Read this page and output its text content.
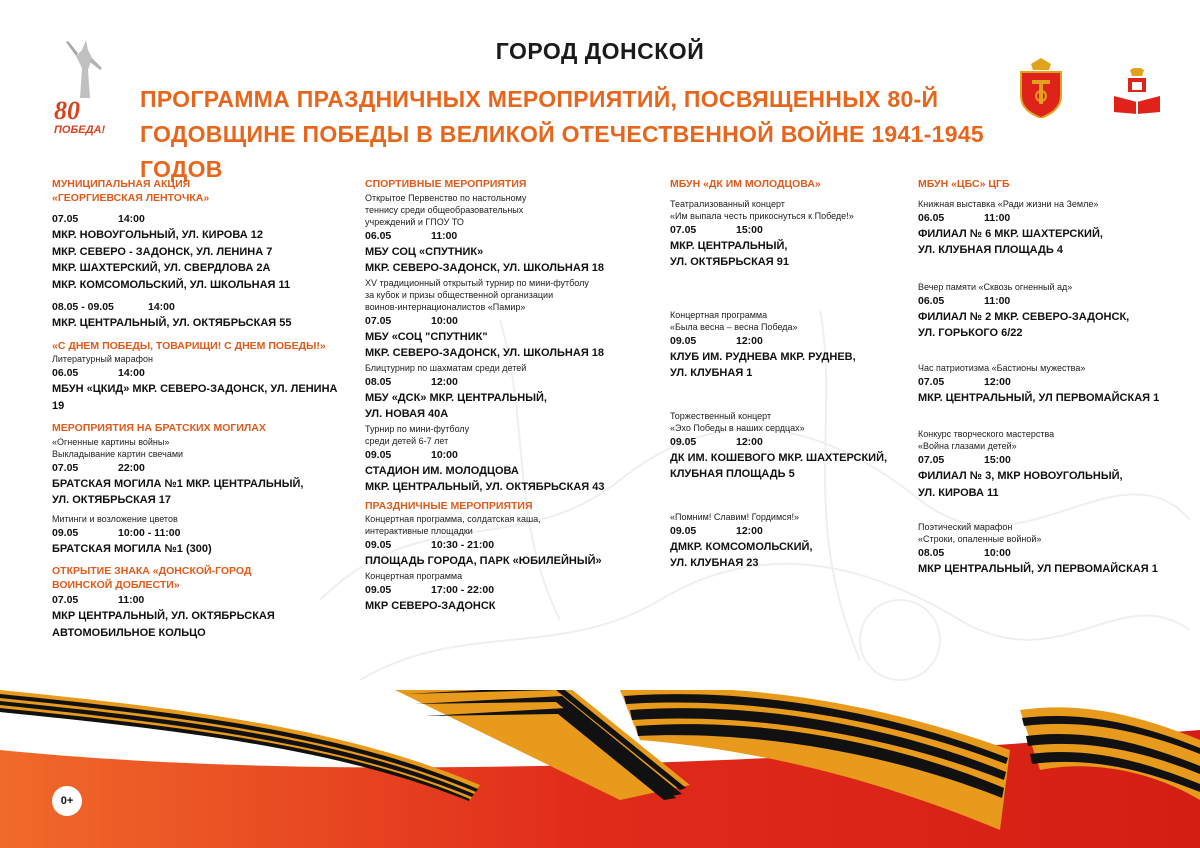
80
ПОБЕДА!
ГОРОД ДОНСКОЙ
ПРОГРАММА ПРАЗДНИЧНЫХ МЕРОПРИЯТИЙ, ПОСВЯЩЕННЫХ 80-Й
ГОДОВЩИНЕ ПОБЕДЫ В ВЕЛИКОЙ ОТЕЧЕСТВЕННОЙ ВОЙНЕ 1941-1945 ГОДОВ
МУНИЦИПАЛЬНАЯ АКЦИЯ
«ГЕОРГИЕВСКАЯ ЛЕНТОЧКА»
07.05	14:00
МКР. НОВОУГОЛЬНЫЙ, УЛ. КИРОВА 12
МКР. СЕВЕРО - ЗАДОНСК, УЛ. ЛЕНИНА 7
МКР. ШАХТЕРСКИЙ, УЛ. СВЕРДЛОВА 2А
МКР. КОМСОМОЛЬСКИЙ, УЛ. ШКОЛЬНАЯ 11
08.05 - 09.05	14:00
МКР. ЦЕНТРАЛЬНЫЙ, УЛ. ОКТЯБРЬСКАЯ 55
«С ДНЕМ ПОБЕДЫ, ТОВАРИЩИ! С ДНЕМ ПОБЕДЫ!»
Литературный марафон
06.05	14:00
МБУН «ЦКИД» МКР. СЕВЕРО-ЗАДОНСК, УЛ. ЛЕНИНА 19
МЕРОПРИЯТИЯ НА БРАТСКИХ МОГИЛАХ
«Огненные картины войны»
Выкладывание картин свечами
07.05	22:00
БРАТСКАЯ МОГИЛА №1 МКР. ЦЕНТРАЛЬНЫЙ,
УЛ. ОКТЯБРЬСКАЯ 17
Митинги и возложение цветов
09.05	10:00 - 11:00
БРАТСКАЯ МОГИЛА №1 (300)
ОТКРЫТИЕ ЗНАКА «ДОНСКОЙ-ГОРОД
ВОИНСКОЙ ДОБЛЕСТИ»
07.05	11:00
МКР ЦЕНТРАЛЬНЫЙ, УЛ. ОКТЯБРЬСКАЯ
АВТОМОБИЛЬНОЕ КОЛЬЦО
СПОРТИВНЫЕ МЕРОПРИЯТИЯ
Открытое Первенство по настольному
теннису среди общеобразовательных
учреждений и ГПОУ ТО
06.05	11:00
МБУ СОЦ «СПУТНИК»
МКР. СЕВЕРО-ЗАДОНСК, УЛ. ШКОЛЬНАЯ 18
XV традиционный открытый турнир по мини-футболу
за кубок и призы общественной организации
воинов-интернационалистов «Памир»
07.05	10:00
МБУ «СОЦ "СПУТНИК"
МКР. СЕВЕРО-ЗАДОНСК, УЛ. ШКОЛЬНАЯ 18
Блицтурнир по шахматам среди детей
08.05	12:00
МБУ «ДСК» МКР. ЦЕНТРАЛЬНЫЙ,
УЛ. НОВАЯ 40А
Турнир по мини-футболу
среди детей 6-7 лет
09.05	10:00
СТАДИОН ИМ. МОЛОДЦОВА
МКР. ЦЕНТРАЛЬНЫЙ, УЛ. ОКТЯБРЬСКАЯ 43
ПРАЗДНИЧНЫЕ МЕРОПРИЯТИЯ
Концертная программа, солдатская каша,
интерактивные площадки
09.05	10:30 - 21:00
ПЛОЩАДЬ ГОРОДА, ПАРК «ЮБИЛЕЙНЫЙ»
Концертная программа
09.05	17:00 - 22:00
МКР СЕВЕРО-ЗАДОНСК
МБУН «ДК ИМ МОЛОДЦОВА»
Театрализованный концерт
«Им выпала честь прикоснуться к Победе!»
07.05	15:00
МКР. ЦЕНТРАЛЬНЫЙ,
УЛ. ОКТЯБРЬСКАЯ 91
Концертная программа
«Была весна – весна Победа»
09.05	12:00
КЛУБ ИМ. РУДНЕВА МКР. РУДНЕВ,
УЛ. КЛУБНАЯ 1
Торжественный концерт
«Эхо Победы в наших сердцах»
09.05	12:00
ДК ИМ. КОШЕВОГО МКР. ШАХТЕРСКИЙ,
КЛУБНАЯ ПЛОЩАДЬ 5
«Помним! Славим! Гордимся!»
09.05	12:00
ДМКР. КОМСОМОЛЬСКИЙ,
УЛ. КЛУБНАЯ 23
МБУН «ЦБС» ЦГБ
Книжная выставка «Ради жизни на Земле»
06.05	11:00
ФИЛИАЛ № 6 МКР. ШАХТЕРСКИЙ,
УЛ. КЛУБНАЯ ПЛОЩАДЬ 4
Вечер памяти «Сквозь огненный ад»
06.05	11:00
ФИЛИАЛ № 2 МКР. СЕВЕРО-ЗАДОНСК,
УЛ. ГОРЬКОГО 6/22
Час патриотизма «Бастионы мужества»
07.05	12:00
МКР. ЦЕНТРАЛЬНЫЙ, УЛ ПЕРВОМАЙСКАЯ 1
Конкурс творческого мастерства
«Война глазами детей»
07.05	15:00
ФИЛИАЛ № 3, МКР НОВОУГОЛЬНЫЙ,
УЛ. КИРОВА 11
Поэтический марафон
«Строки, опаленные войной»
08.05	10:00
МКР ЦЕНТРАЛЬНЫЙ, УЛ ПЕРВОМАЙСКАЯ 1
0+
